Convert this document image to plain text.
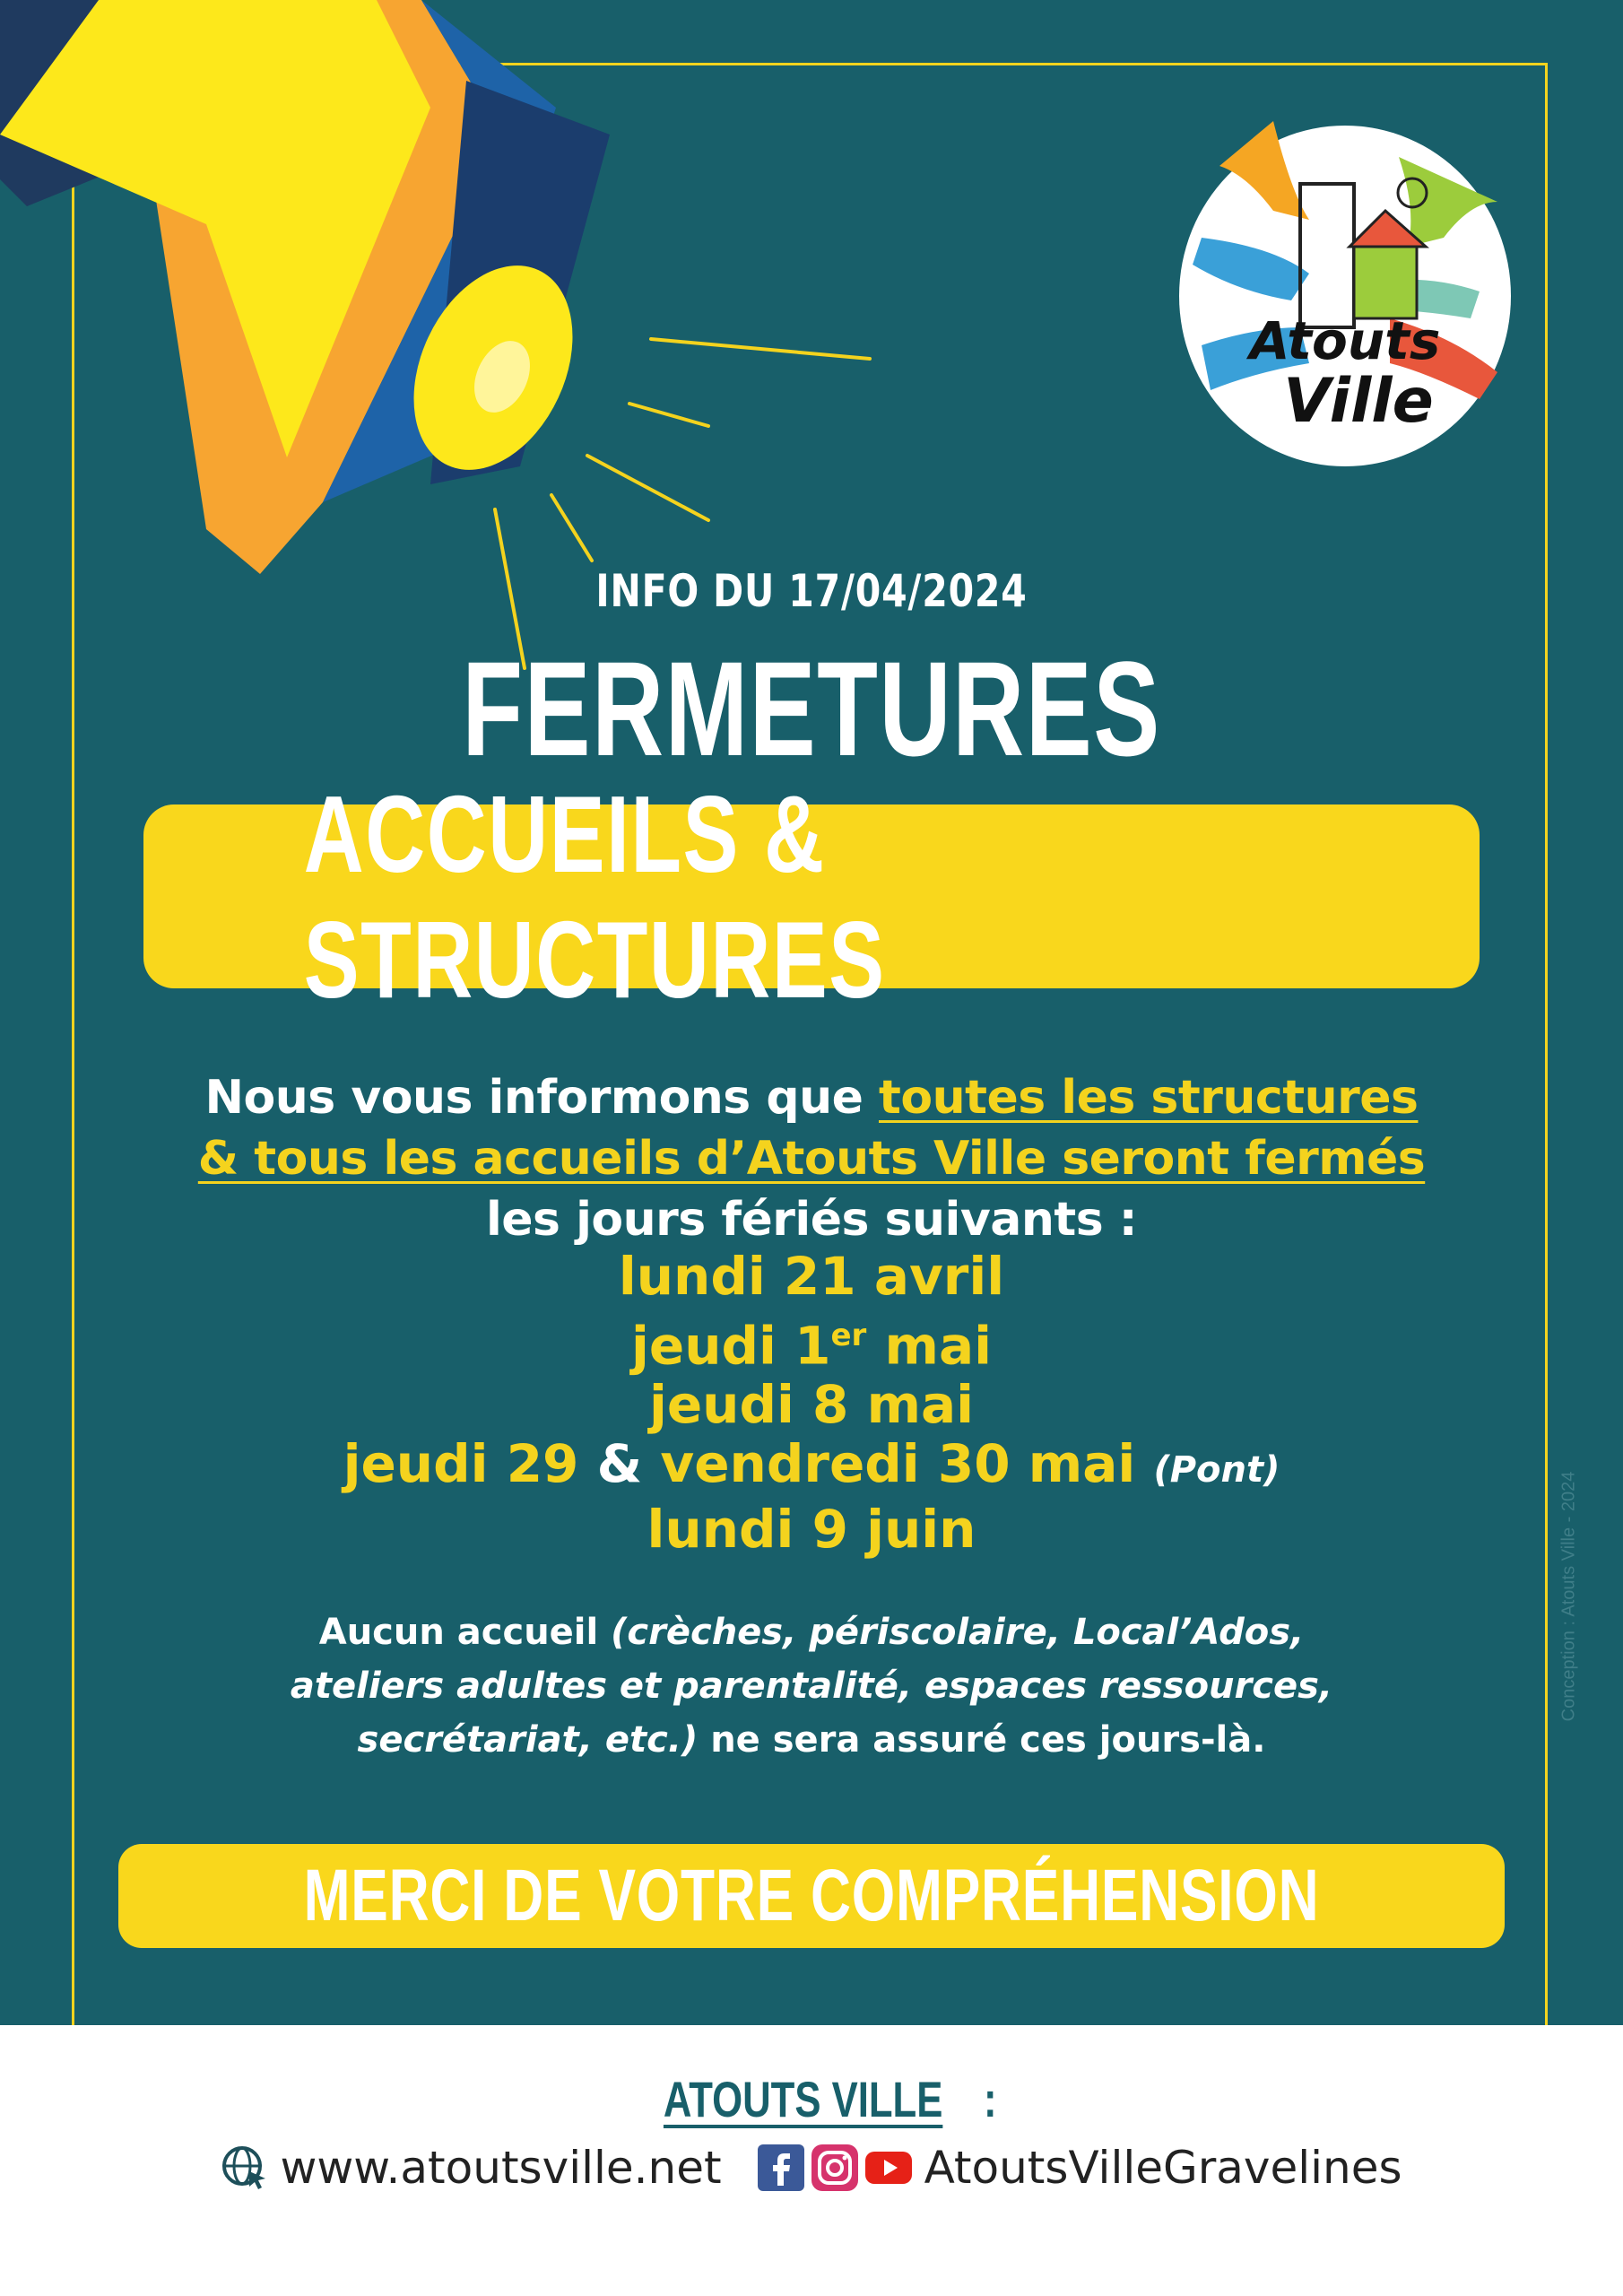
Atouts
Ville
INFO DU 17/04/2024
FERMETURES
ACCUEILS & STRUCTURES
Nous vous informons que toutes les structures
& tous les accueils d’Atouts Ville seront fermés
les jours fériés suivants :
lundi 21 avril
jeudi 1er mai
jeudi 8 mai
jeudi 29 & vendredi 30 mai (Pont)
lundi 9 juin
Aucun accueil (crèches, périscolaire, Local’Ados,
ateliers adultes et parentalité, espaces ressources,
secrétariat, etc.) ne sera assuré ces jours-là.
MERCI DE VOTRE COMPRÉHENSION
Conception : Atouts Ville - 2024
ATOUTS VILLE:
www.atoutsville.net	AtoutsVilleGravelines
